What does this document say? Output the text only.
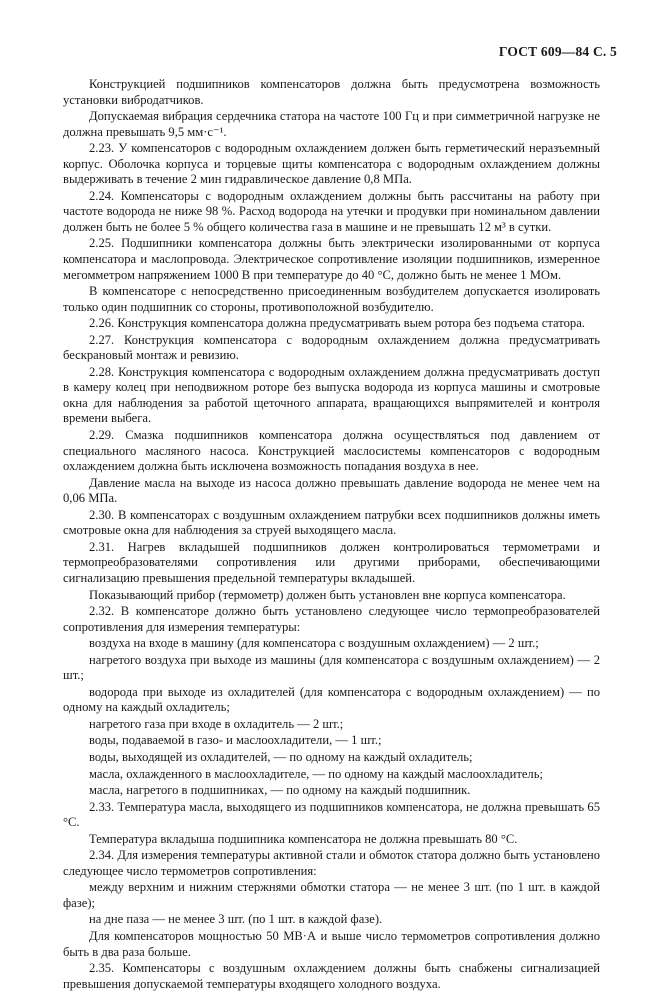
ГОСТ 609—84 С. 5

Конструкцией подшипников компенсаторов должна быть предусмотрена возможность установки вибродатчиков.

Допускаемая вибрация сердечника статора на частоте 100 Гц и при симметричной нагрузке не должна превышать 9,5 мм·с⁻¹.

2.23. У компенсаторов с водородным охлаждением должен быть герметический неразъемный корпус. Оболочка корпуса и торцевые щиты компенсатора с водородным охлаждением должны выдерживать в течение 2 мин гидравлическое давление 0,8 МПа.

2.24. Компенсаторы с водородным охлаждением должны быть рассчитаны на работу при частоте водорода не ниже 98 %. Расход водорода на утечки и продувки при номинальном давлении должен быть не более 5 % общего количества газа в машине и не превышать 12 м³ в сутки.

2.25. Подшипники компенсатора должны быть электрически изолированными от корпуса компенсатора и маслопровода. Электрическое сопротивление изоляции подшипников, измеренное мегомметром напряжением 1000 В при температуре до 40 °С, должно быть не менее 1 МОм.

В компенсаторе с непосредственно присоединенным возбудителем допускается изолировать только один подшипник со стороны, противоположной возбудителю.

2.26. Конструкция компенсатора должна предусматривать выем ротора без подъема статора.

2.27. Конструкция компенсатора с водородным охлаждением должна предусматривать бескрановый монтаж и ревизию.

2.28. Конструкция компенсатора с водородным охлаждением должна предусматривать доступ в камеру колец при неподвижном роторе без выпуска водорода из корпуса машины и смотровые окна для наблюдения за работой щеточного аппарата, вращающихся выпрямителей и контроля времени выбега.

2.29. Смазка подшипников компенсатора должна осуществляться под давлением от специального масляного насоса. Конструкцией маслосистемы компенсаторов с водородным охлаждением должна быть исключена возможность попадания воздуха в нее.

Давление масла на выходе из насоса должно превышать давление водорода не менее чем на 0,06 МПа.

2.30. В компенсаторах с воздушным охлаждением патрубки всех подшипников должны иметь смотровые окна для наблюдения за струей выходящего масла.

2.31. Нагрев вкладышей подшипников должен контролироваться термометрами и термопреобразователями сопротивления или другими приборами, обеспечивающими сигнализацию превышения предельной температуры вкладышей.

Показывающий прибор (термометр) должен быть установлен вне корпуса компенсатора.

2.32. В компенсаторе должно быть установлено следующее число термопреобразователей сопротивления для измерения температуры:

воздуха на входе в машину (для компенсатора с воздушным охлаждением) — 2 шт.;

нагретого воздуха при выходе из машины (для компенсатора с воздушным охлаждением) — 2 шт.;

водорода при выходе из охладителей (для компенсатора с водородным охлаждением) — по одному на каждый охладитель;

нагретого газа при входе в охладитель — 2 шт.;

воды, подаваемой в газо- и маслоохладители, — 1 шт.;

воды, выходящей из охладителей, — по одному на каждый охладитель;

масла, охлажденного в маслоохладителе, — по одному на каждый маслоохладитель;

масла, нагретого в подшипниках, — по одному на каждый подшипник.

2.33. Температура масла, выходящего из подшипников компенсатора, не должна превышать 65 °С.

Температура вкладыша подшипника компенсатора не должна превышать 80 °С.

2.34. Для измерения температуры активной стали и обмоток статора должно быть установлено следующее число термометров сопротивления:

между верхним и нижним стержнями обмотки статора — не менее 3 шт. (по 1 шт. в каждой фазе);

на дне паза — не менее 3 шт. (по 1 шт. в каждой фазе).

Для компенсаторов мощностью 50 МВ·А и выше число термометров сопротивления должно быть в два раза больше.

2.35. Компенсаторы с воздушным охлаждением должны быть снабжены сигнализацией превышения допускаемой температуры входящего холодного воздуха.
